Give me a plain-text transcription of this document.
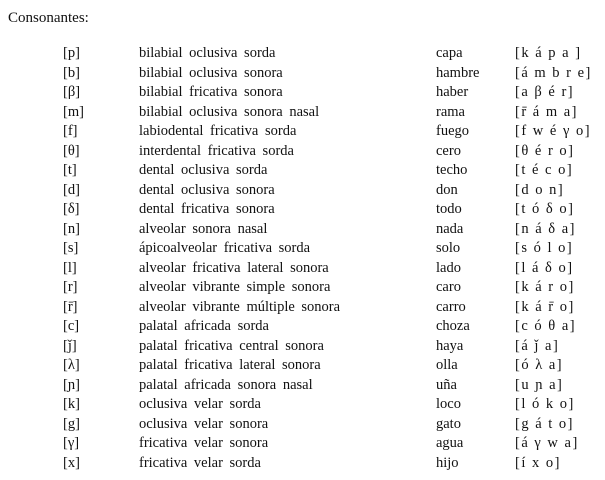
Consonantes:
[p]	bilabial oclusiva sorda	capa	[k á p a ]
[b]	bilabial oclusiva sonora	hambre [á m b r e]
[β]	bilabial fricativa sonora	haber	[a β é r]
[m]	bilabial oclusiva sonora nasal	rama	[r̄ á m a]
[f]	labiodental fricativa sorda	fuego	[f w é γ o]
[θ]	interdental fricativa sorda	cero	[θ é r o]
[t]	dental oclusiva sorda	techo	[t é c o]
[d]	dental oclusiva sonora	don	[d o n]
[δ]	dental fricativa sonora	todo	[t ó δ o]
[n]	alveolar sonora nasal	nada	[n á δ a]
[s]	ápicoalveolar fricativa sorda	solo	[s ó l o]
[l]	alveolar fricativa lateral sonora	lado	[l á δ o]
[r]	alveolar vibrante simple sonora	caro	[k á r o]
[r̄]	alveolar vibrante múltiple sonora	carro	[k á r̄ o]
[c]	palatal africada sorda	choza	[c ó θ a]
[ǰ]	palatal fricativa central sonora	haya	[á ǰ a]
[λ]	palatal fricativa lateral sonora	olla	[ó λ a]
[ɲ]	palatal africada sonora nasal	uña	[u ɲ a]
[k]	oclusiva velar sorda	loco	[l ó k o]
[g]	oclusiva velar sonora	gato	[g á t o]
[γ]	fricativa velar sonora	agua	[á γ w a]
[x]	fricativa velar sorda	hijo	[í x o]
